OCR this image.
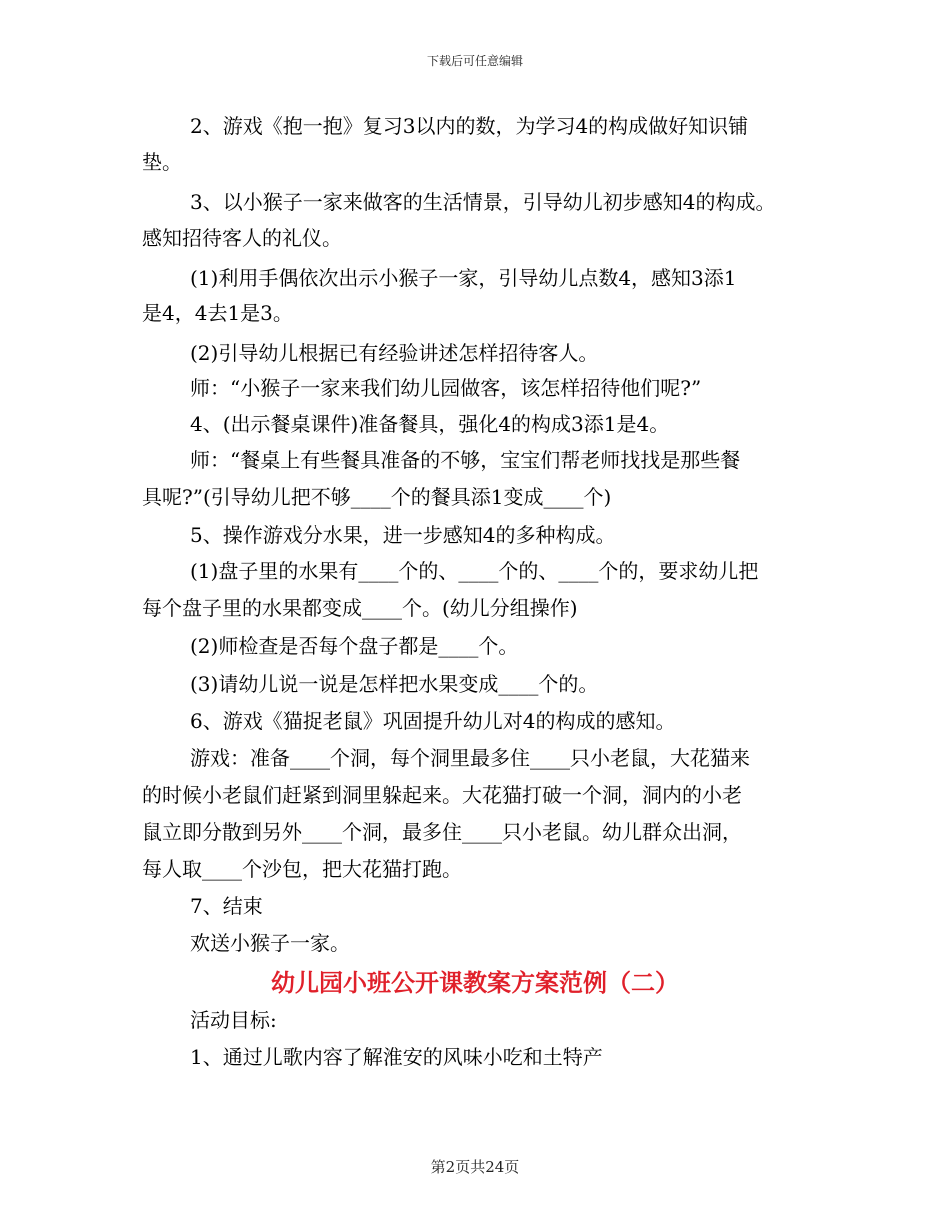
下载后可任意编辑
2、游戏《抱一抱》复习3以内的数，为学习4的构成做好知识铺
垫。
3、以小猴子一家来做客的生活情景，引导幼儿初步感知4的构成。
感知招待客人的礼仪。
(1)利用手偶依次出示小猴子一家，引导幼儿点数4，感知3添1
是4，4去1是3。
(2)引导幼儿根据已有经验讲述怎样招待客人。
师：“小猴子一家来我们幼儿园做客，该怎样招待他们呢?”
4、(出示餐桌课件)准备餐具，强化4的构成3添1是4。
师：“餐桌上有些餐具准备的不够，宝宝们帮老师找找是那些餐
具呢?”(引导幼儿把不够____个的餐具添1变成____个)
5、操作游戏分水果，进一步感知4的多种构成。
(1)盘子里的水果有____个的、____个的、____个的，要求幼儿把
每个盘子里的水果都变成____个。(幼儿分组操作)
(2)师检查是否每个盘子都是____个。
(3)请幼儿说一说是怎样把水果变成____个的。
6、游戏《猫捉老鼠》巩固提升幼儿对4的构成的感知。
游戏：准备____个洞，每个洞里最多住____只小老鼠，大花猫来
的时候小老鼠们赶紧到洞里躲起来。大花猫打破一个洞，洞内的小老
鼠立即分散到另外____个洞，最多住____只小老鼠。幼儿群众出洞，
每人取____个沙包，把大花猫打跑。
7、结束
欢送小猴子一家。
幼儿园小班公开课教案方案范例（二）
活动目标:
1、通过儿歌内容了解淮安的风味小吃和土特产
第2页共24页
